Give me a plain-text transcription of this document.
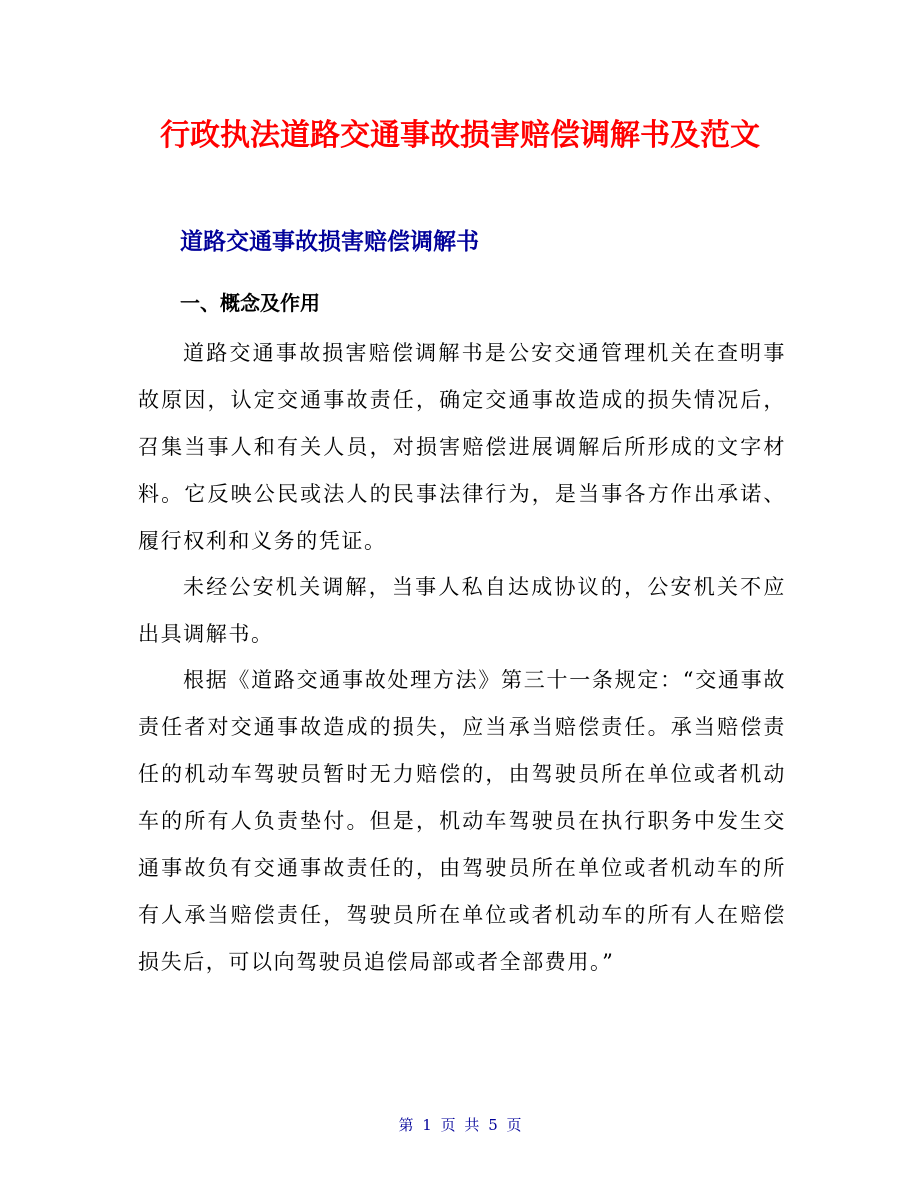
行政执法道路交通事故损害赔偿调解书及范文
道路交通事故损害赔偿调解书
一、概念及作用

道路交通事故损害赔偿调解书是公安交通管理机关在查明事故原因，认定交通事故责任，确定交通事故造成的损失情况后，召集当事人和有关人员，对损害赔偿进展调解后所形成的文字材料。它反映公民或法人的民事法律行为，是当事各方作出承诺、履行权利和义务的凭证。

未经公安机关调解，当事人私自达成协议的，公安机关不应出具调解书。

根据《道路交通事故处理方法》第三十一条规定：“交通事故责任者对交通事故造成的损失，应当承当赔偿责任。承当赔偿责任的机动车驾驶员暂时无力赔偿的，由驾驶员所在单位或者机动车的所有人负责垫付。但是，机动车驾驶员在执行职务中发生交通事故负有交通事故责任的，由驾驶员所在单位或者机动车的所有人承当赔偿责任，驾驶员所在单位或者机动车的所有人在赔偿损失后，可以向驾驶员追偿局部或者全部费用。”

第 1 页 共 5 页
